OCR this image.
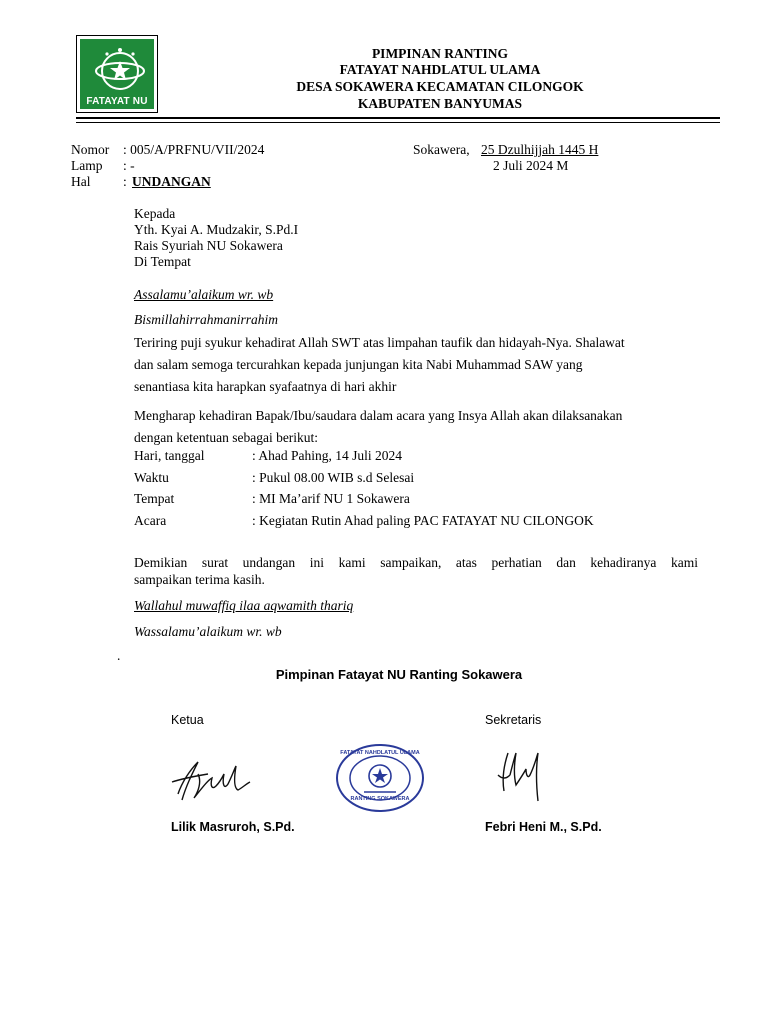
FATAYAT NU
PIMPINAN RANTING
FATAYAT NAHDLATUL ULAMA
DESA SOKAWERA KECAMATAN CILONGOK
KABUPATEN BANYUMAS
Nomor : 005/A/PRFNU/VII/2024
Lamp : -
Hal : UNDANGAN
Sokawera, 25 Dzulhijjah 1445 H
2 Juli 2024 M
Kepada
Yth. Kyai A. Mudzakir, S.Pd.I
Rais Syuriah NU Sokawera
Di Tempat
Assalamu’alaikum wr. wb
Bismillahirrahmanirrahim
Teriring puji syukur kehadirat Allah SWT atas limpahan taufik dan hidayah-Nya. Shalawat
dan salam semoga tercurahkan kepada junjungan kita Nabi Muhammad SAW yang
senantiasa kita harapkan syafaatnya di hari akhir
Mengharap kehadiran Bapak/Ibu/saudara dalam acara yang Insya Allah akan dilaksanakan
dengan ketentuan sebagai berikut:
Hari, tanggal	: Ahad Pahing, 14 Juli 2024
Waktu	: Pukul 08.00 WIB s.d Selesai
Tempat	: MI Ma’arif NU 1 Sokawera
Acara	: Kegiatan Rutin Ahad paling PAC FATAYAT NU CILONGOK
Demikian surat undangan ini kami sampaikan, atas perhatian dan kehadiranya kami
sampaikan terima kasih.
Wallahul muwaffiq ilaa aqwamith thariq
Wassalamu’alaikum wr. wb
.
Pimpinan Fatayat NU Ranting Sokawera
Ketua	Sekretaris
FATAYAT NAHDLATUL ULAMA
RANTING SOKAWERA
Lilik Masruroh, S.Pd.	Febri Heni M., S.Pd.
